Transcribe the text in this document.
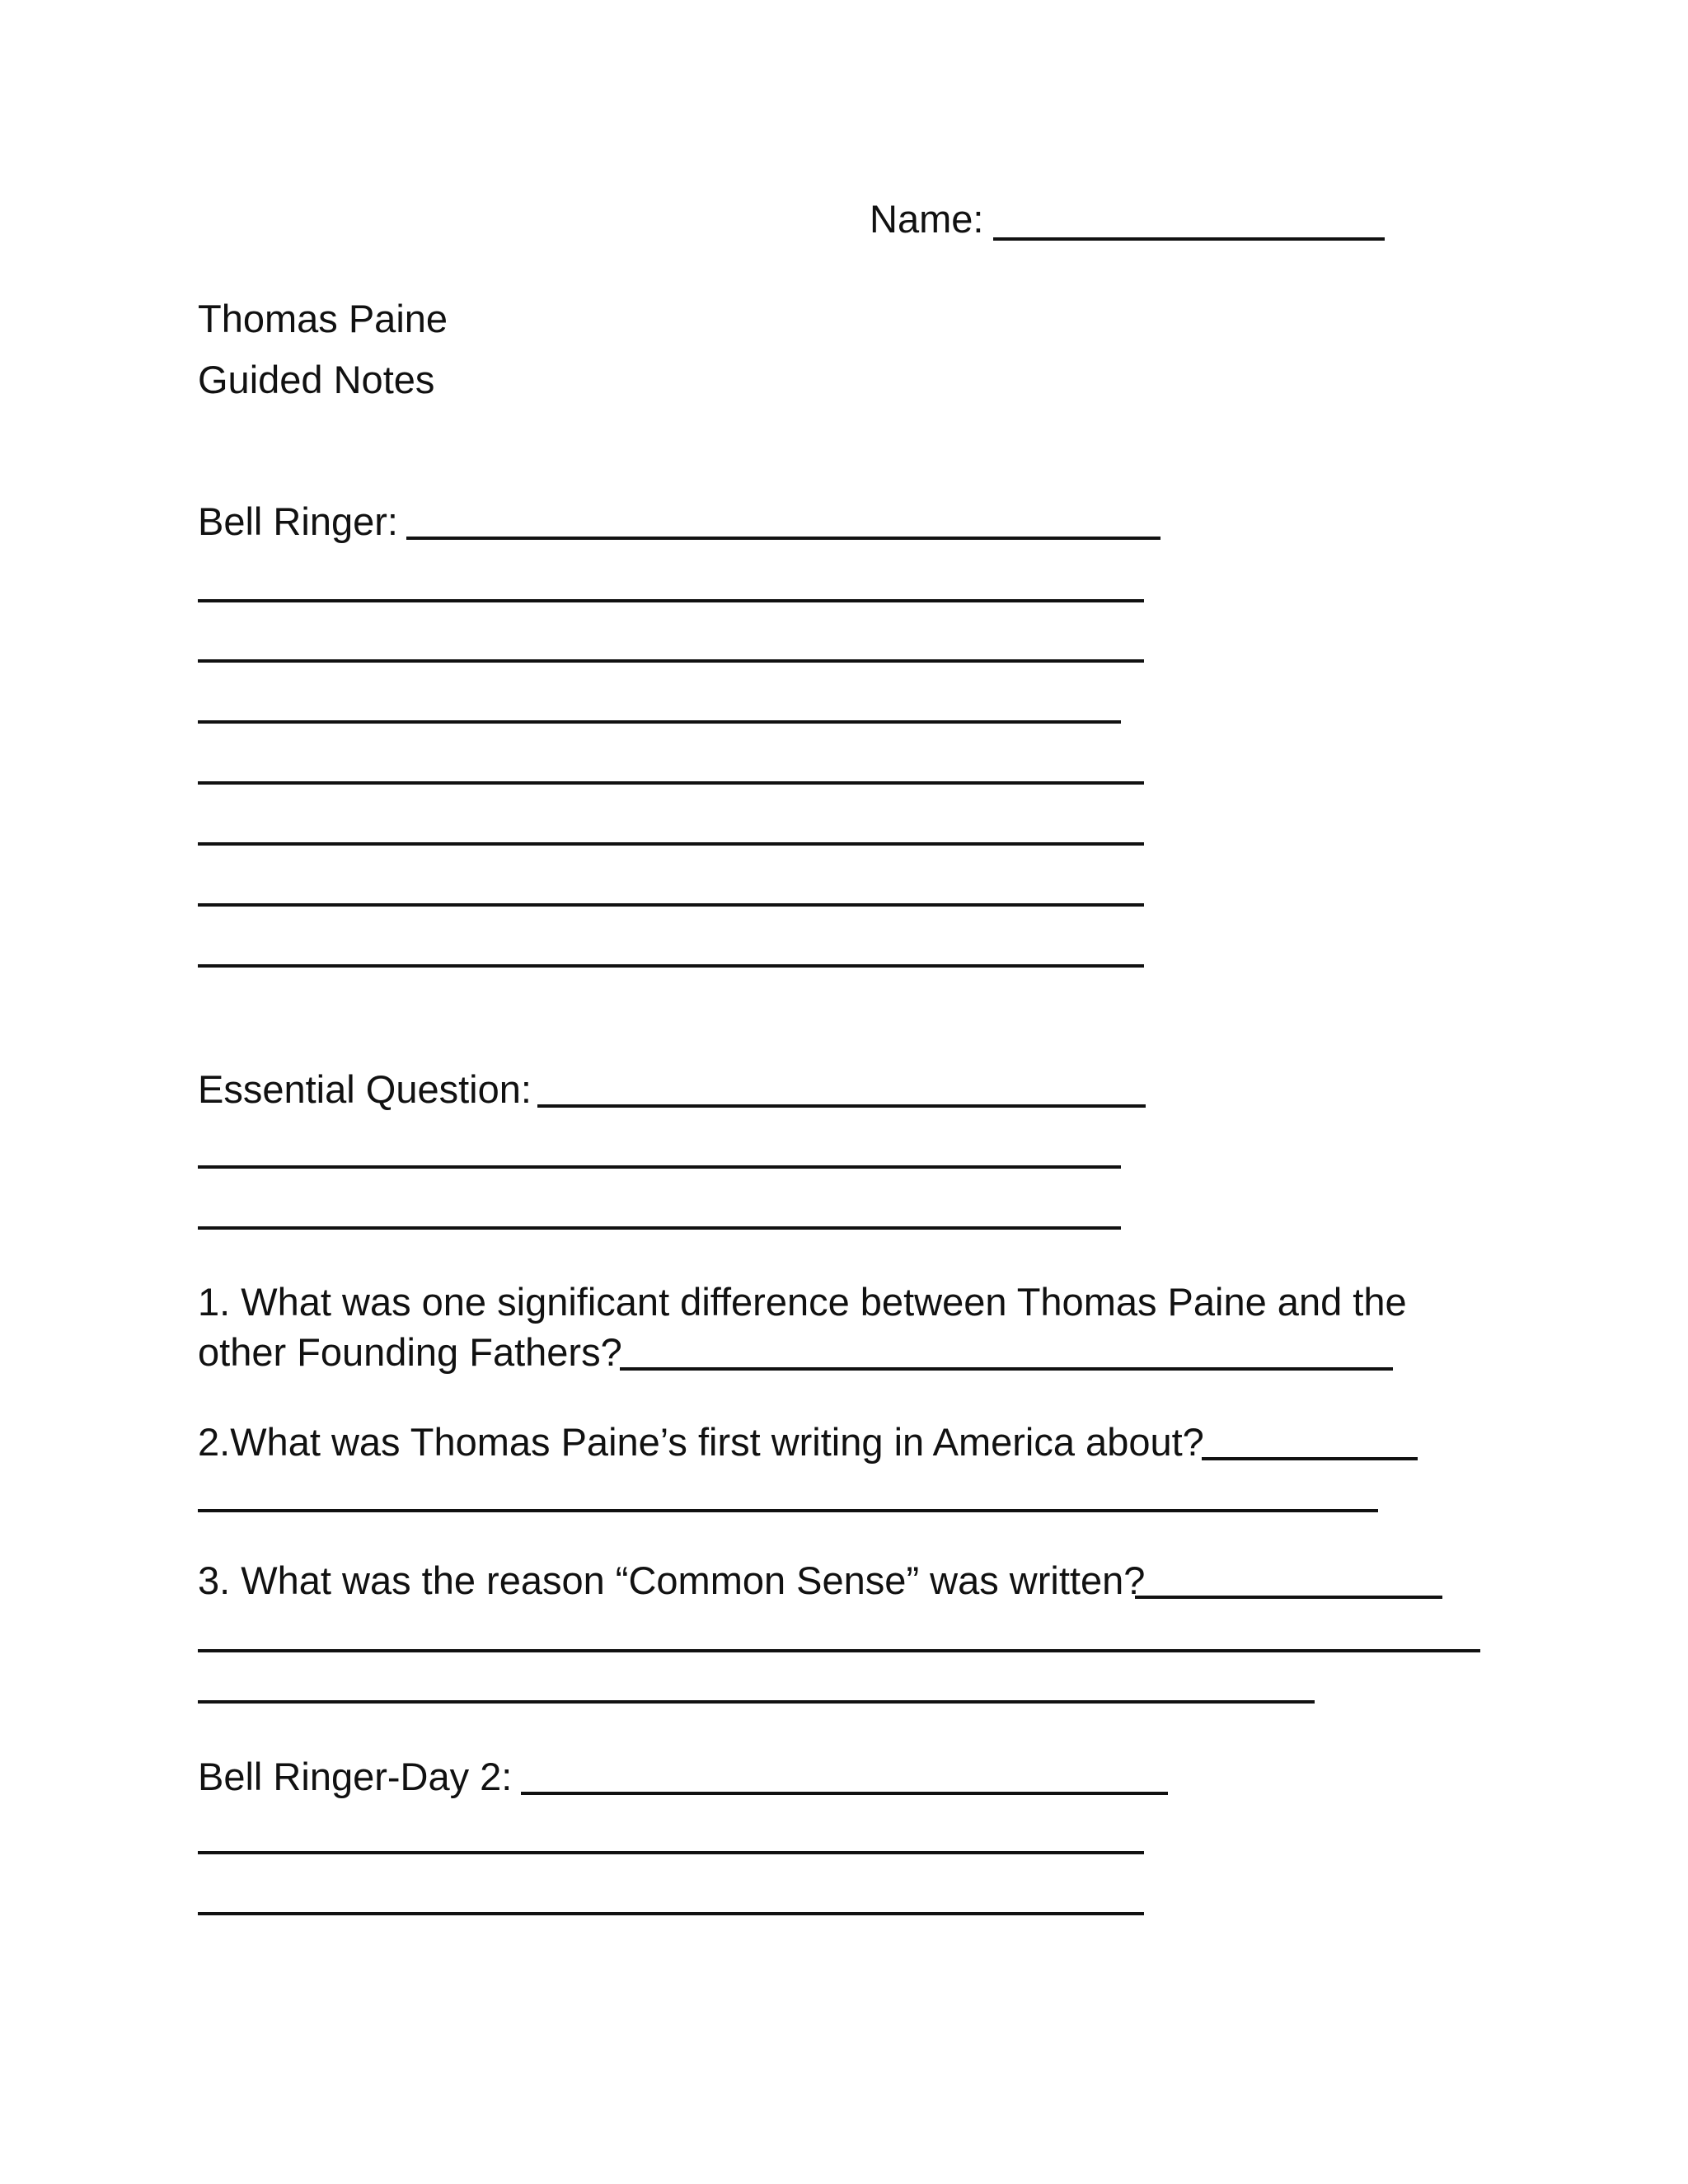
Name:
Thomas Paine
Guided Notes
Bell Ringer:
Essential Question:
1. What was one significant difference between Thomas Paine and the
other Founding Fathers?
2.What was Thomas Paine’s first writing in America about?
3. What was the reason “Common Sense” was written?
Bell Ringer-Day 2:
